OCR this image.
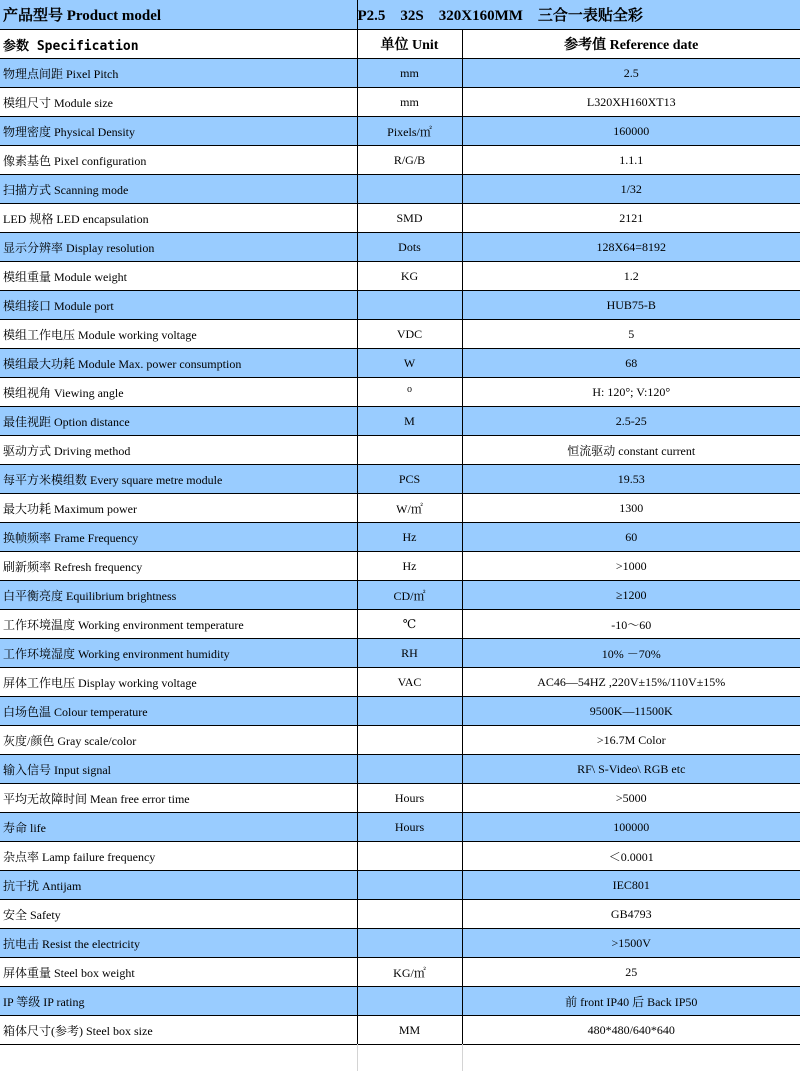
产品型号 Product model	P2.5　32S　320X160MM　三合一表贴全彩	
参数 Specification	单位 Unit	参考值 Reference date
物理点间距 Pixel Pitch	mm	2.5
模组尺寸 Module size	mm	L320XH160XT13
物理密度 Physical Density	Pixels/㎡	160000
像素基色 Pixel configuration	R/G/B	1.1.1
扫描方式 Scanning mode		1/32
LED 规格 LED encapsulation	SMD	2121
显示分辨率 Display resolution	Dots	128X64=8192
模组重量 Module weight	KG	1.2
模组接口 Module port		HUB75-B
模组工作电压 Module working voltage	VDC	5
模组最大功耗 Module Max. power consumption	W	68
模组视角 Viewing angle	⁰	H: 120°; V:120°
最佳视距 Option distance	M	2.5-25
驱动方式 Driving method		恒流驱动 constant current
每平方米模组数 Every square metre module	PCS	19.53
最大功耗 Maximum power	W/㎡	1300
换帧频率 Frame Frequency	Hz	60
刷新频率 Refresh frequency	Hz	>1000
白平衡亮度 Equilibrium brightness	CD/㎡	≥1200
工作环境温度 Working environment temperature	℃	-10～60
工作环境湿度 Working environment humidity	RH	10% －70%
屏体工作电压 Display working voltage	VAC	AC46—54HZ ,220V±15%/110V±15%
白场色温 Colour temperature		9500K—11500K
灰度/颜色 Gray scale/color		>16.7M Color
输入信号 Input signal		RF\ S-Video\ RGB etc
平均无故障时间 Mean free error time	Hours	>5000
寿命 life	Hours	100000
杂点率 Lamp failure frequency		＜0.0001
抗干扰 Antijam		IEC801
安全 Safety		GB4793
抗电击 Resist the electricity		>1500V
屏体重量 Steel box weight	KG/㎡	25
IP 等级 IP rating		前 front IP40 后 Back IP50
箱体尺寸(参考) Steel box size	MM	480*480/640*640
